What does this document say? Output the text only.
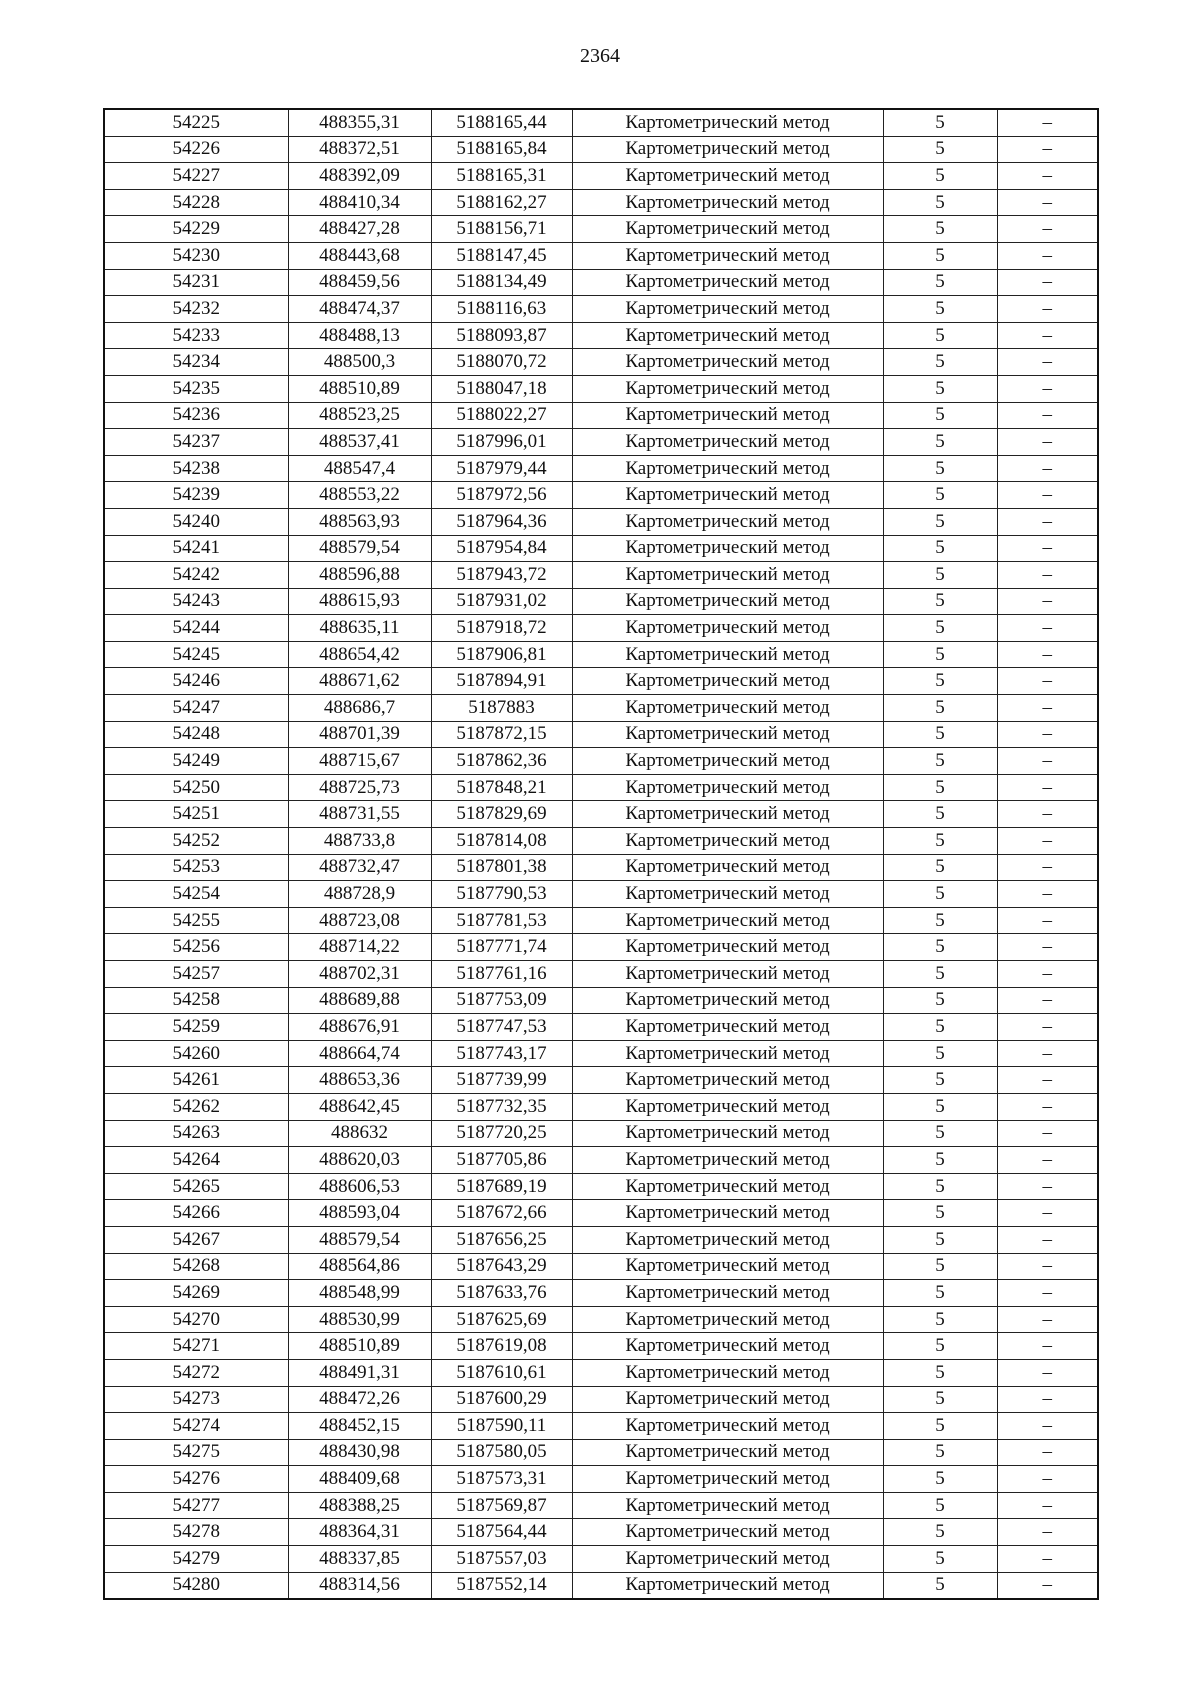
2364
54225	488355,31	5188165,44	Картометрический метод	5	–
54226	488372,51	5188165,84	Картометрический метод	5	–
54227	488392,09	5188165,31	Картометрический метод	5	–
54228	488410,34	5188162,27	Картометрический метод	5	–
54229	488427,28	5188156,71	Картометрический метод	5	–
54230	488443,68	5188147,45	Картометрический метод	5	–
54231	488459,56	5188134,49	Картометрический метод	5	–
54232	488474,37	5188116,63	Картометрический метод	5	–
54233	488488,13	5188093,87	Картометрический метод	5	–
54234	488500,3	5188070,72	Картометрический метод	5	–
54235	488510,89	5188047,18	Картометрический метод	5	–
54236	488523,25	5188022,27	Картометрический метод	5	–
54237	488537,41	5187996,01	Картометрический метод	5	–
54238	488547,4	5187979,44	Картометрический метод	5	–
54239	488553,22	5187972,56	Картометрический метод	5	–
54240	488563,93	5187964,36	Картометрический метод	5	–
54241	488579,54	5187954,84	Картометрический метод	5	–
54242	488596,88	5187943,72	Картометрический метод	5	–
54243	488615,93	5187931,02	Картометрический метод	5	–
54244	488635,11	5187918,72	Картометрический метод	5	–
54245	488654,42	5187906,81	Картометрический метод	5	–
54246	488671,62	5187894,91	Картометрический метод	5	–
54247	488686,7	5187883	Картометрический метод	5	–
54248	488701,39	5187872,15	Картометрический метод	5	–
54249	488715,67	5187862,36	Картометрический метод	5	–
54250	488725,73	5187848,21	Картометрический метод	5	–
54251	488731,55	5187829,69	Картометрический метод	5	–
54252	488733,8	5187814,08	Картометрический метод	5	–
54253	488732,47	5187801,38	Картометрический метод	5	–
54254	488728,9	5187790,53	Картометрический метод	5	–
54255	488723,08	5187781,53	Картометрический метод	5	–
54256	488714,22	5187771,74	Картометрический метод	5	–
54257	488702,31	5187761,16	Картометрический метод	5	–
54258	488689,88	5187753,09	Картометрический метод	5	–
54259	488676,91	5187747,53	Картометрический метод	5	–
54260	488664,74	5187743,17	Картометрический метод	5	–
54261	488653,36	5187739,99	Картометрический метод	5	–
54262	488642,45	5187732,35	Картометрический метод	5	–
54263	488632	5187720,25	Картометрический метод	5	–
54264	488620,03	5187705,86	Картометрический метод	5	–
54265	488606,53	5187689,19	Картометрический метод	5	–
54266	488593,04	5187672,66	Картометрический метод	5	–
54267	488579,54	5187656,25	Картометрический метод	5	–
54268	488564,86	5187643,29	Картометрический метод	5	–
54269	488548,99	5187633,76	Картометрический метод	5	–
54270	488530,99	5187625,69	Картометрический метод	5	–
54271	488510,89	5187619,08	Картометрический метод	5	–
54272	488491,31	5187610,61	Картометрический метод	5	–
54273	488472,26	5187600,29	Картометрический метод	5	–
54274	488452,15	5187590,11	Картометрический метод	5	–
54275	488430,98	5187580,05	Картометрический метод	5	–
54276	488409,68	5187573,31	Картометрический метод	5	–
54277	488388,25	5187569,87	Картометрический метод	5	–
54278	488364,31	5187564,44	Картометрический метод	5	–
54279	488337,85	5187557,03	Картометрический метод	5	–
54280	488314,56	5187552,14	Картометрический метод	5	–
